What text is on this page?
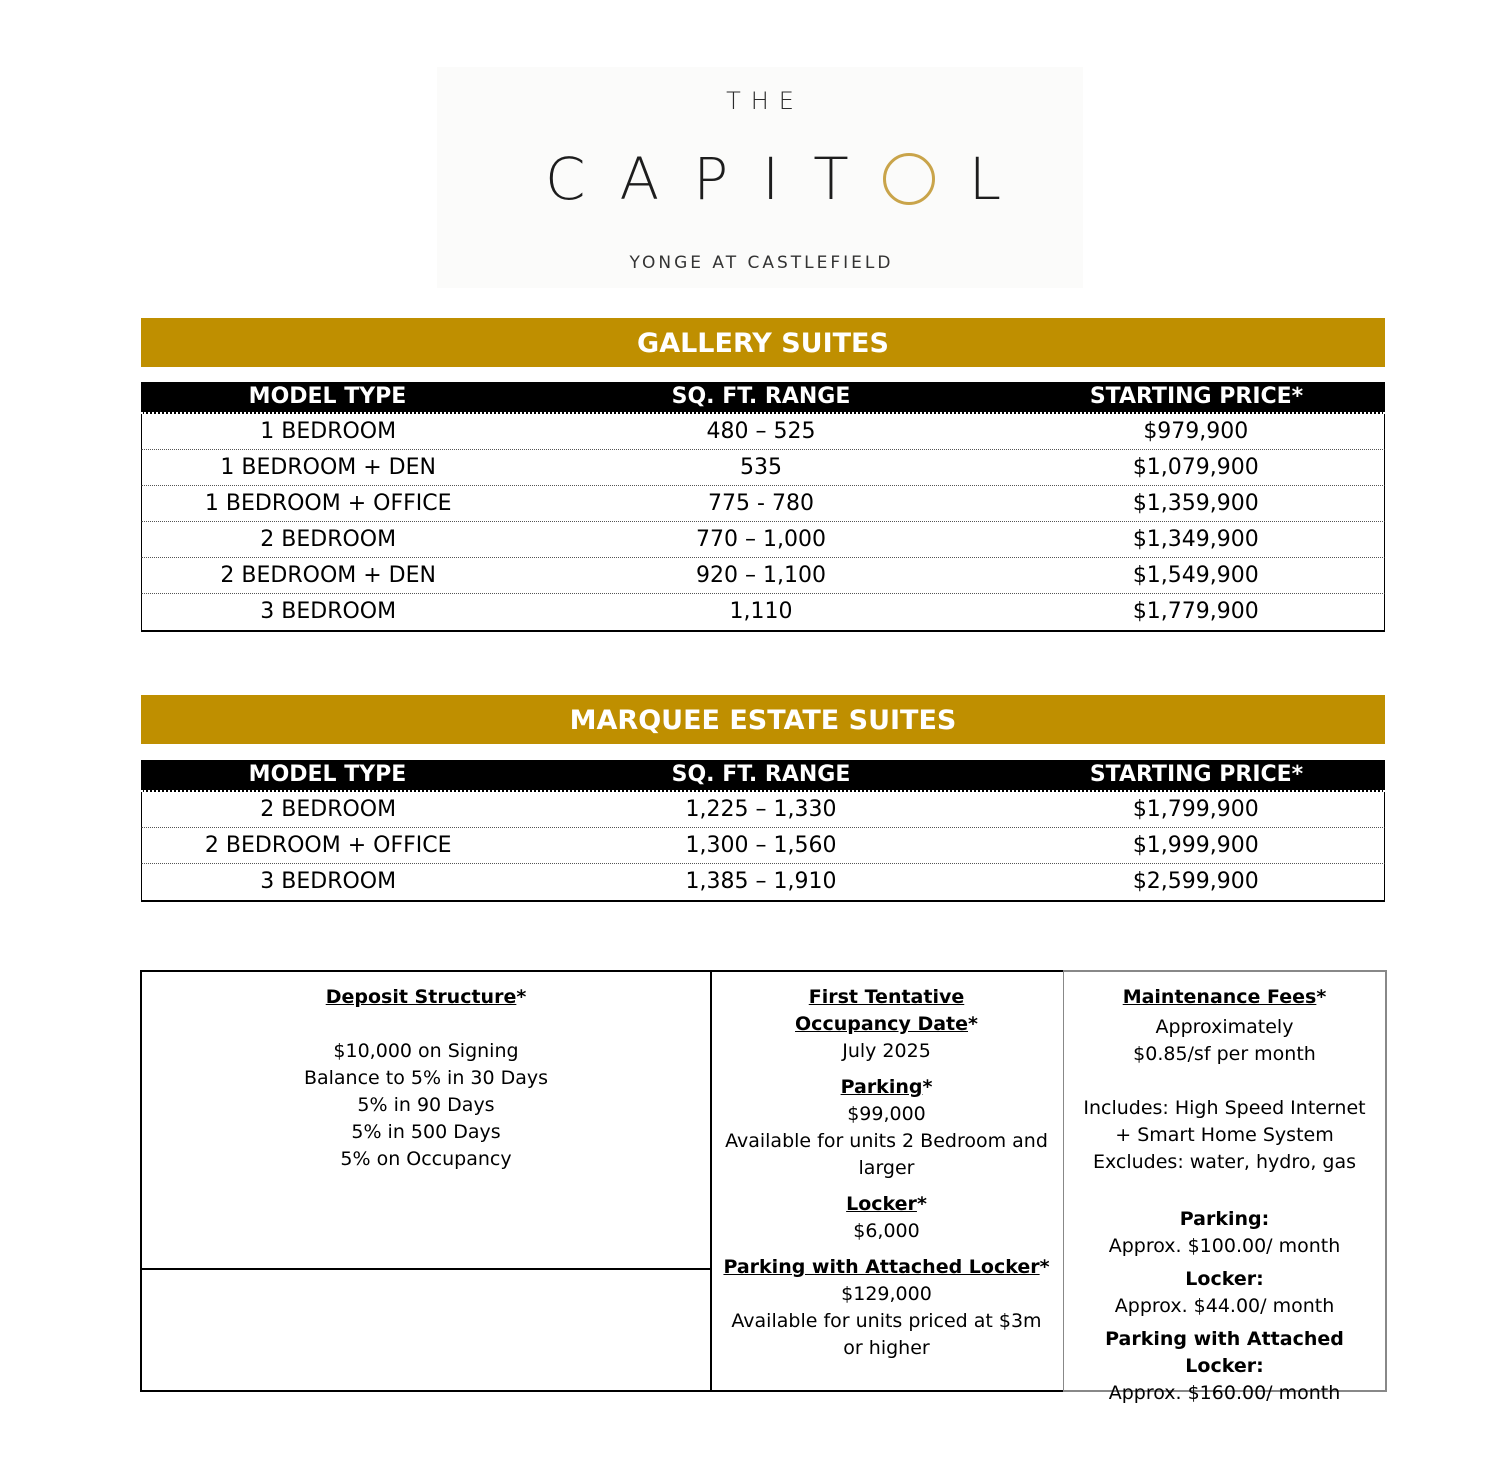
THE
C A P I T L
YONGE AT CASTLEFIELD
GALLERY SUITES
MODEL TYPE	SQ. FT. RANGE	STARTING PRICE*
1 BEDROOM	480 – 525	$979,900
1 BEDROOM + DEN	535	$1,079,900
1 BEDROOM + OFFICE	775 - 780	$1,359,900
2 BEDROOM	770 – 1,000	$1,349,900
2 BEDROOM + DEN	920 – 1,100	$1,549,900
3 BEDROOM	1,110	$1,779,900
MARQUEE ESTATE SUITES
MODEL TYPE	SQ. FT. RANGE	STARTING PRICE*
2 BEDROOM	1,225 – 1,330	$1,799,900
2 BEDROOM + OFFICE	1,300 – 1,560	$1,999,900
3 BEDROOM	1,385 – 1,910	$2,599,900
Deposit Structure*
$10,000 on Signing
Balance to 5% in 30 Days
5% in 90 Days
5% in 500 Days
5% on Occupancy
First Tentative
Occupancy Date*
July 2025
Parking*
$99,000
Available for units 2 Bedroom and larger
Locker*
$6,000
Parking with Attached Locker*
$129,000
Available for units priced at $3m or higher
Maintenance Fees*
Approximately
$0.85/sf per month
Includes: High Speed Internet + Smart Home System
Excludes: water, hydro, gas
Parking:
Approx. $100.00/ month
Locker:
Approx. $44.00/ month
Parking with Attached Locker:
Approx. $160.00/ month
